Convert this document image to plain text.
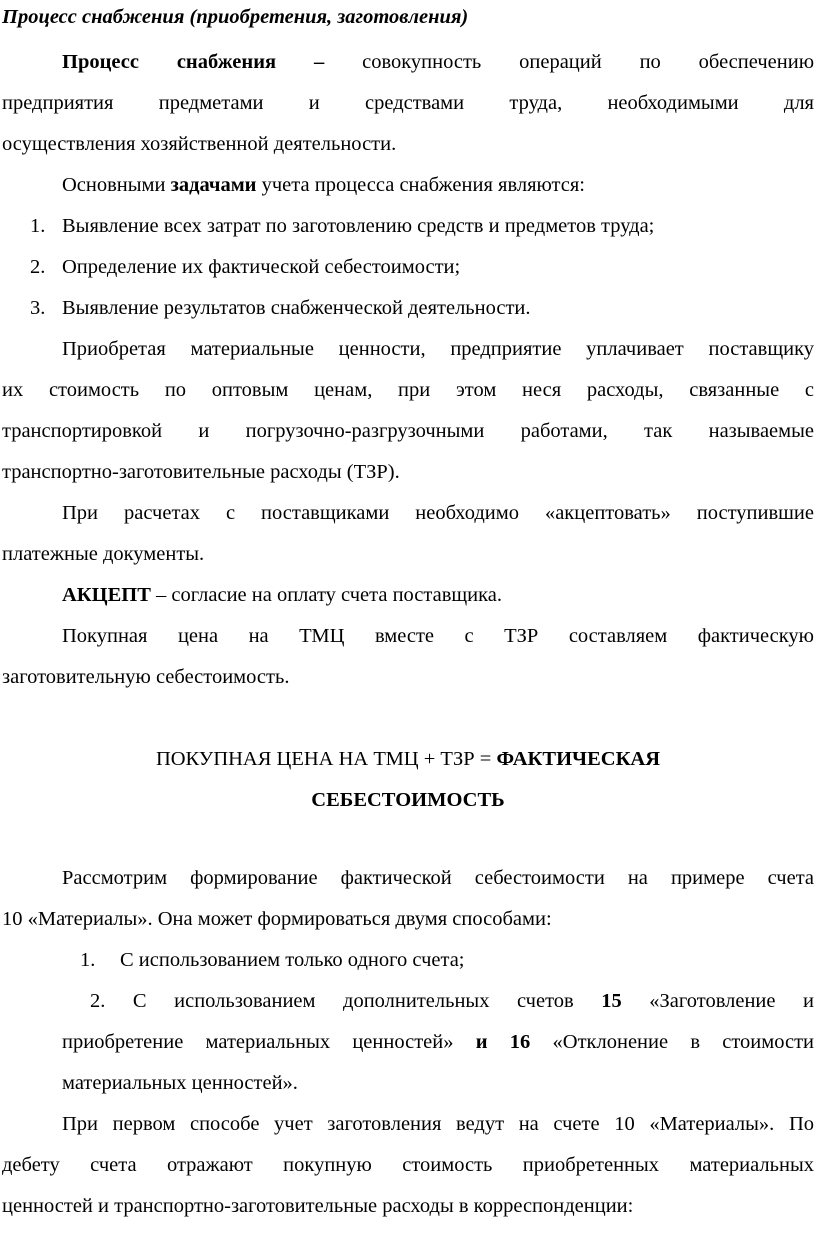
Процесс снабжения (приобретения, заготовления)

Процесс снабжения – совокупность операций по обеспечению

предприятия предметами и средствами труда, необходимыми для

осуществления хозяйственной деятельности.

Основными задачами учета процесса снабжения являются:

1. Выявление всех затрат по заготовлению средств и предметов труда;
2. Определение их фактической себестоимости;
3. Выявление результатов снабженческой деятельности.

Приобретая материальные ценности, предприятие уплачивает поставщику

их стоимость по оптовым ценам, при этом неся расходы, связанные с

транспортировкой и погрузочно-разгрузочными работами, так называемые

транспортно-заготовительные расходы (ТЗР).

При расчетах с поставщиками необходимо «акцептовать» поступившие

платежные документы.

АКЦЕПТ – согласие на оплату счета поставщика.

Покупная цена на ТМЦ вместе с ТЗР составляем фактическую

заготовительную себестоимость.

ПОКУПНАЯ ЦЕНА НА ТМЦ + ТЗР = ФАКТИЧЕСКАЯ

СЕБЕСТОИМОСТЬ

Рассмотрим формирование фактической себестоимости на примере счета

10 «Материалы». Она может формироваться двумя способами:

1. С использованием только одного счета;

2. С использованием дополнительных счетов 15 «Заготовление и

приобретение материальных ценностей» и 16 «Отклонение в стоимости

материальных ценностей».

При первом способе учет заготовления ведут на счете 10 «Материалы». По

дебету счета отражают покупную стоимость приобретенных материальных

ценностей и транспортно-заготовительные расходы в корреспонденции:
